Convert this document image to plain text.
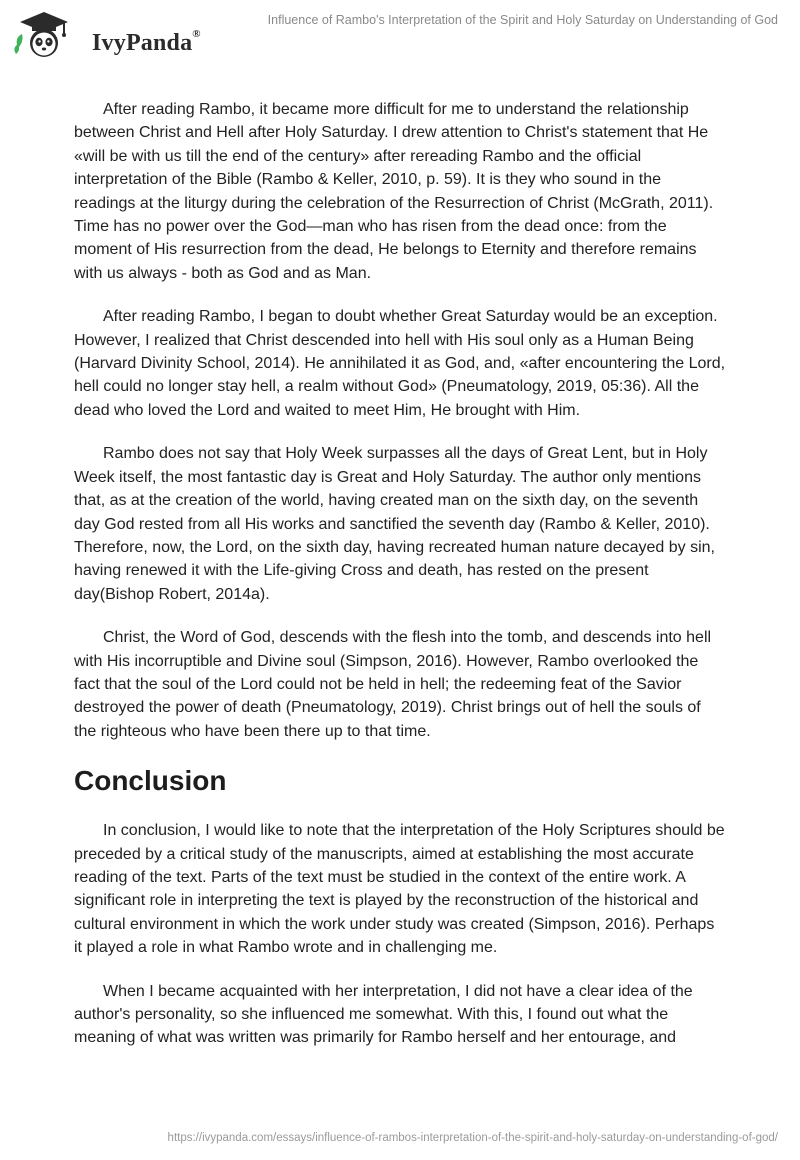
IvyPanda®
Influence of Rambo's Interpretation of the Spirit and Holy Saturday on Understanding of God

After reading Rambo, it became more difficult for me to understand the relationship between Christ and Hell after Holy Saturday. I drew attention to Christ's statement that He «will be with us till the end of the century» after rereading Rambo and the official interpretation of the Bible (Rambo & Keller, 2010, p. 59). It is they who sound in the readings at the liturgy during the celebration of the Resurrection of Christ (McGrath, 2011). Time has no power over the God—man who has risen from the dead once: from the moment of His resurrection from the dead, He belongs to Eternity and therefore remains with us always - both as God and as Man.

After reading Rambo, I began to doubt whether Great Saturday would be an exception. However, I realized that Christ descended into hell with His soul only as a Human Being (Harvard Divinity School, 2014). He annihilated it as God, and, «after encountering the Lord, hell could no longer stay hell, a realm without God» (Pneumatology, 2019, 05:36). All the dead who loved the Lord and waited to meet Him, He brought with Him.

Rambo does not say that Holy Week surpasses all the days of Great Lent, but in Holy Week itself, the most fantastic day is Great and Holy Saturday. The author only mentions that, as at the creation of the world, having created man on the sixth day, on the seventh day God rested from all His works and sanctified the seventh day (Rambo & Keller, 2010). Therefore, now, the Lord, on the sixth day, having recreated human nature decayed by sin, having renewed it with the Life-giving Cross and death, has rested on the present day(Bishop Robert, 2014a).

Christ, the Word of God, descends with the flesh into the tomb, and descends into hell with His incorruptible and Divine soul (Simpson, 2016). However, Rambo overlooked the fact that the soul of the Lord could not be held in hell; the redeeming feat of the Savior destroyed the power of death (Pneumatology, 2019). Christ brings out of hell the souls of the righteous who have been there up to that time.

Conclusion

In conclusion, I would like to note that the interpretation of the Holy Scriptures should be preceded by a critical study of the manuscripts, aimed at establishing the most accurate reading of the text. Parts of the text must be studied in the context of the entire work. A significant role in interpreting the text is played by the reconstruction of the historical and cultural environment in which the work under study was created (Simpson, 2016). Perhaps it played a role in what Rambo wrote and in challenging me.

When I became acquainted with her interpretation, I did not have a clear idea of the author's personality, so she influenced me somewhat. With this, I found out what the meaning of what was written was primarily for Rambo herself and her entourage, and

https://ivypanda.com/essays/influence-of-rambos-interpretation-of-the-spirit-and-holy-saturday-on-understanding-of-god/
